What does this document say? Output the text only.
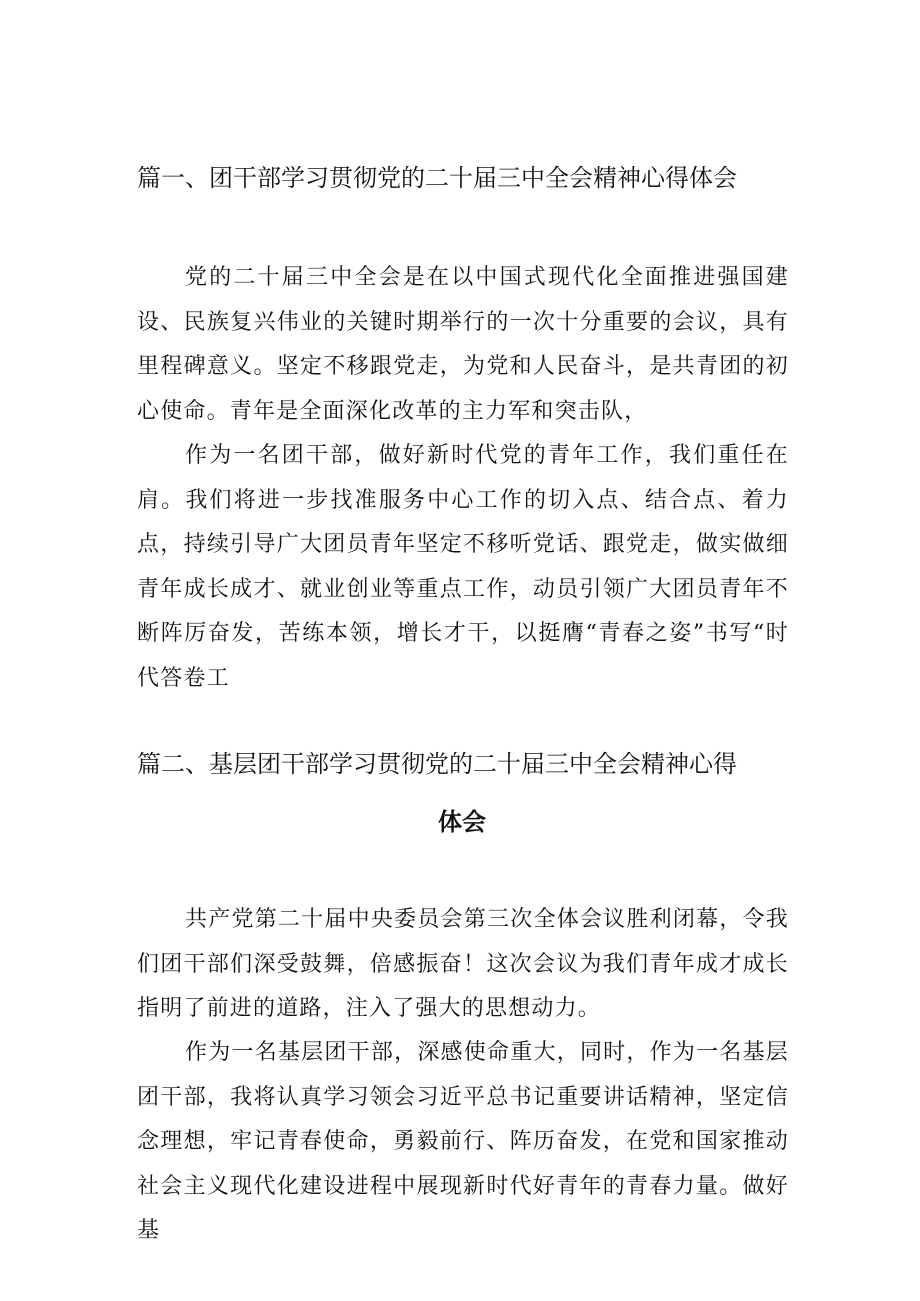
篇一、团干部学习贯彻党的二十届三中全会精神心得体会

党的二十届三中全会是在以中国式现代化全面推进强国建设、民族复兴伟业的关键时期举行的一次十分重要的会议，具有里程碑意义。坚定不移跟党走，为党和人民奋斗，是共青团的初心使命。青年是全面深化改革的主力军和突击队，

作为一名团干部，做好新时代党的青年工作，我们重任在肩。我们将进一步找准服务中心工作的切入点、结合点、着力点，持续引导广大团员青年坚定不移听党话、跟党走，做实做细青年成长成才、就业创业等重点工作，动员引领广大团员青年不断阵厉奋发，苦练本领，增长才干，以挺膺“青春之姿”书写“时代答卷工

篇二、基层团干部学习贯彻党的二十届三中全会精神心得
体会

共产党第二十届中央委员会第三次全体会议胜利闭幕，令我们团干部们深受鼓舞，倍感振奋！这次会议为我们青年成才成长指明了前进的道路，注入了强大的思想动力。

作为一名基层团干部，深感使命重大，同时，作为一名基层团干部，我将认真学习领会习近平总书记重要讲话精神，坚定信念理想，牢记青春使命，勇毅前行、阵历奋发，在党和国家推动社会主义现代化建设进程中展现新时代好青年的青春力量。做好基
